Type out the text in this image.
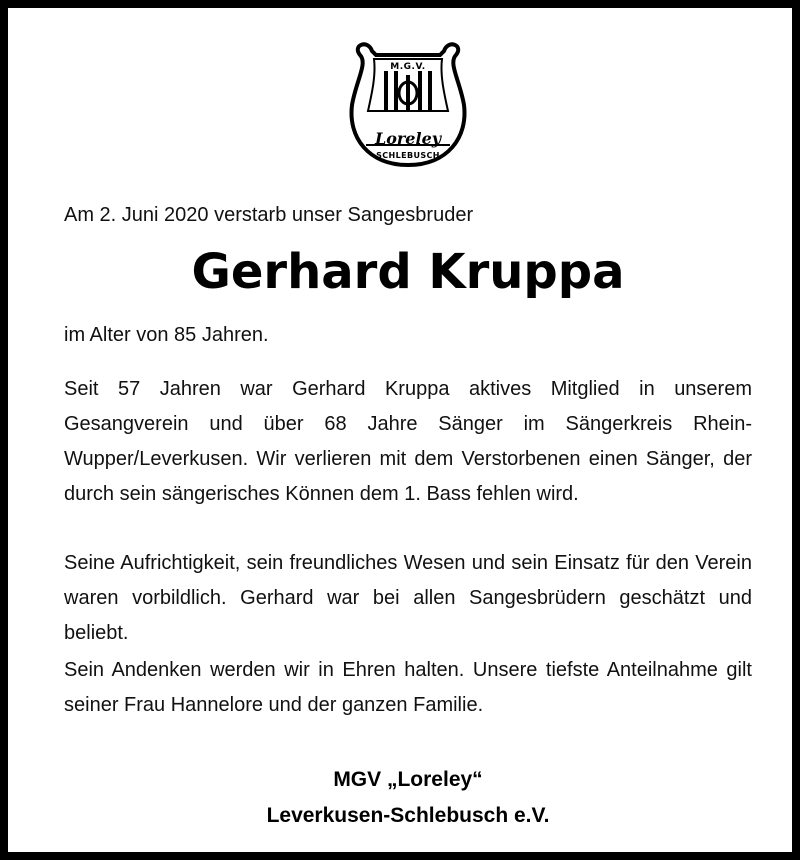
M.G.V.
Loreley
SCHLEBUSCH
Am 2. Juni 2020 verstarb unser Sangesbruder
Gerhard Kruppa
im Alter von 85 Jahren.
Seit 57 Jahren war Gerhard Kruppa aktives Mitglied in unserem Gesangverein und über 68 Jahre Sänger im Sängerkreis Rhein-Wupper/Leverkusen. Wir verlieren mit dem Verstorbenen einen Sänger, der durch sein sängerisches Können dem 1. Bass fehlen wird.
Seine Aufrichtigkeit, sein freundliches Wesen und sein Einsatz für den Verein waren vorbildlich. Gerhard war bei allen Sangesbrüdern geschätzt und beliebt.
Sein Andenken werden wir in Ehren halten. Unsere tiefste Anteilnahme gilt seiner Frau Hannelore und der ganzen Familie.
MGV „Loreley“
Leverkusen-Schlebusch e.V.
